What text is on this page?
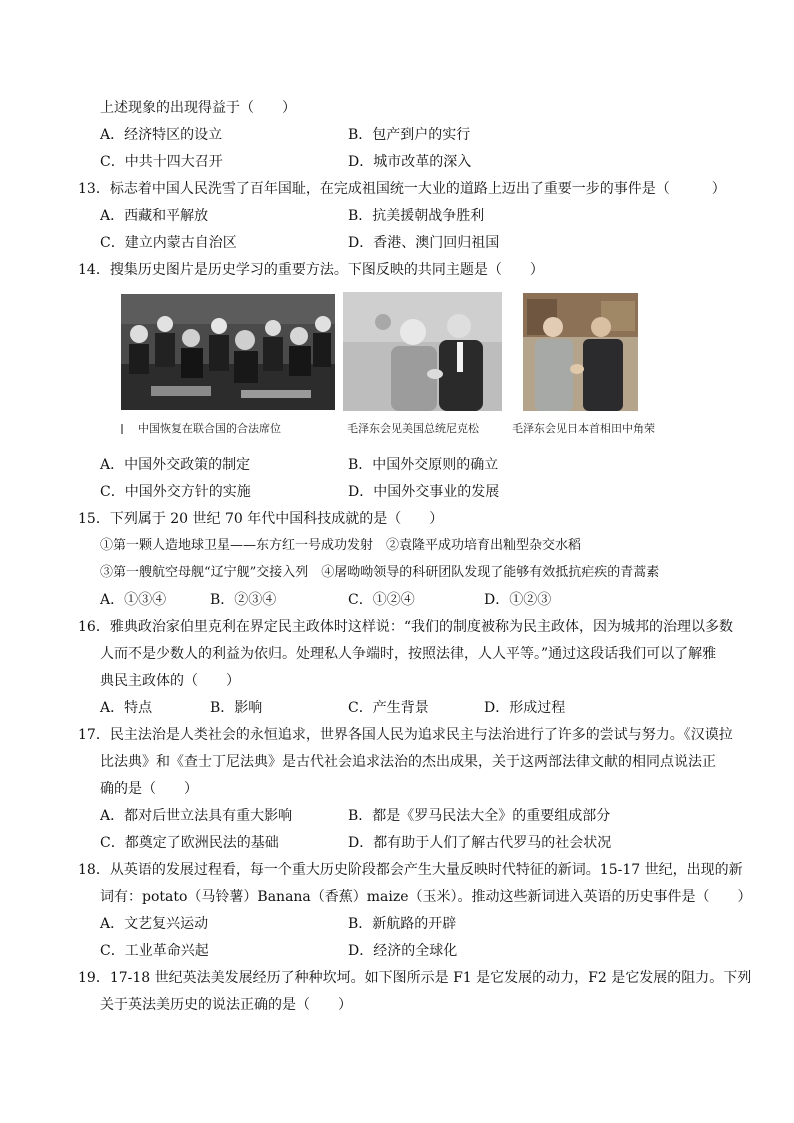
上述现象的出现得益于（　　）
A．经济特区的设立	B．包产到户的实行
C．中共十四大召开	D．城市改革的深入
13．标志着中国人民洗雪了百年国耻，在完成祖国统一大业的道路上迈出了重要一步的事件是（　　　）
A．西藏和平解放	B．抗美援朝战争胜利
C．建立内蒙古自治区	D．香港、澳门回归祖国
14．搜集历史图片是历史学习的重要方法。下图反映的共同主题是（　　）
中国恢复在联合国的合法席位	毛泽东会见美国总统尼克松	毛泽东会见日本首相田中角荣
A．中国外交政策的制定	B．中国外交原则的确立
C．中国外交方针的实施	D．中国外交事业的发展
15．下列属于 20 世纪 70 年代中国科技成就的是（　　）
①第一颗人造地球卫星——东方红一号成功发射　②袁隆平成功培育出籼型杂交水稻
③第一艘航空母舰“辽宁舰”交接入列　④屠呦呦领导的科研团队发现了能够有效抵抗疟疾的青蒿素
A．①③④	B．②③④	C．①②④	D．①②③
16．雅典政治家伯里克利在界定民主政体时这样说：“我们的制度被称为民主政体，因为城邦的治理以多数
人而不是少数人的利益为依归。处理私人争端时，按照法律，人人平等。”通过这段话我们可以了解雅
典民主政体的（　　）
A．特点	B．影响	C．产生背景	D．形成过程
17．民主法治是人类社会的永恒追求，世界各国人民为追求民主与法治进行了许多的尝试与努力。《汉谟拉
比法典》和《查士丁尼法典》是古代社会追求法治的杰出成果，关于这两部法律文献的相同点说法正
确的是（　　）
A．都对后世立法具有重大影响	B．都是《罗马民法大全》的重要组成部分
C．都奠定了欧洲民法的基础	D．都有助于人们了解古代罗马的社会状况
18．从英语的发展过程看，每一个重大历史阶段都会产生大量反映时代特征的新词。15-17 世纪，出现的新
词有：potato（马铃薯）Banana（香蕉）maize（玉米）。推动这些新词进入英语的历史事件是（　　）
A．文艺复兴运动	B．新航路的开辟
C．工业革命兴起	D．经济的全球化
19．17-18 世纪英法美发展经历了种种坎坷。如下图所示是 F1 是它发展的动力，F2 是它发展的阻力。下列
关于英法美历史的说法正确的是（　　）
